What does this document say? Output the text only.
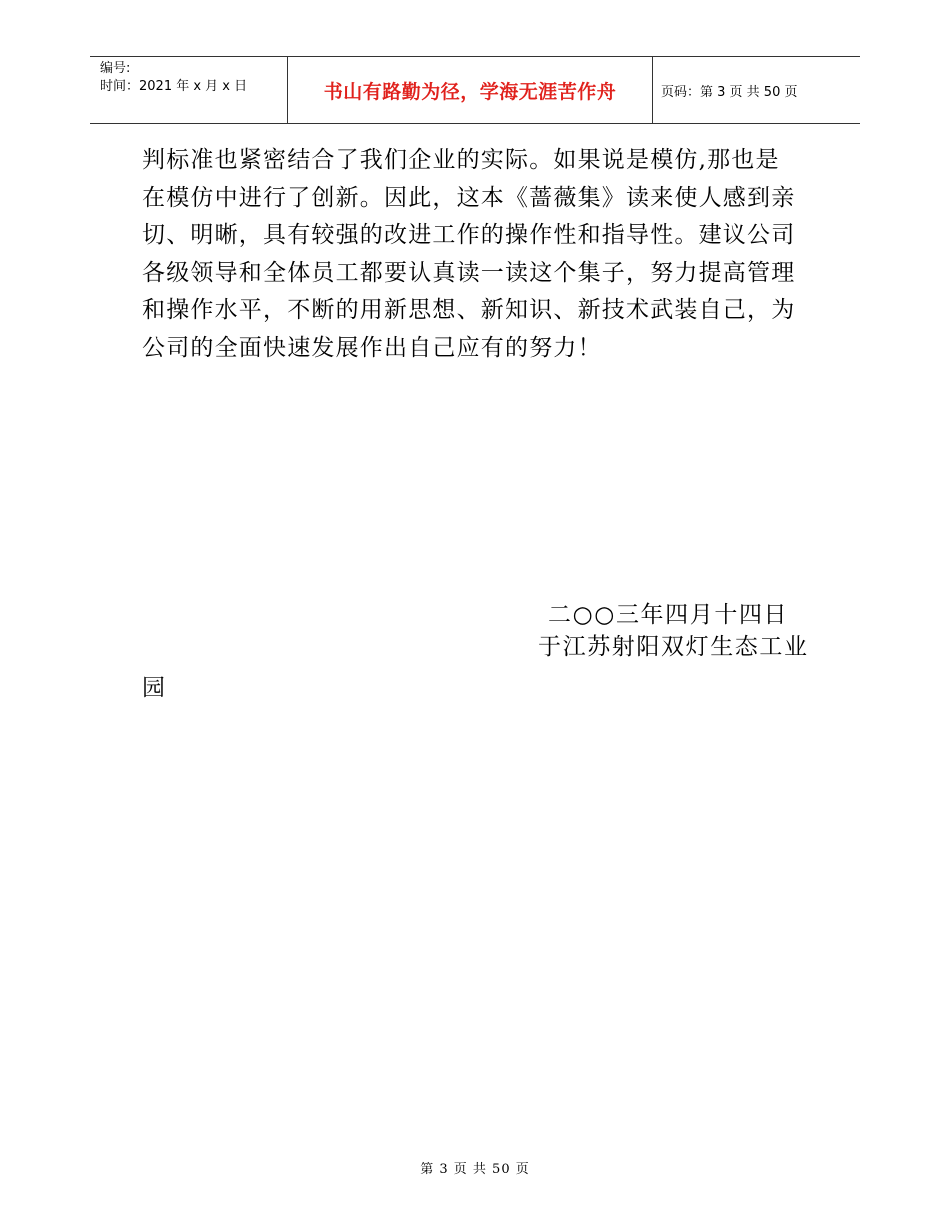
编号:
时间：2021 年 x 月 x 日	书山有路勤为径，学海无涯苦作舟	页码：第 3 页 共 50 页

判标准也紧密结合了我们企业的实际。如果说是模仿,那也是

在模仿中进行了创新。因此，这本《蔷薇集》读来使人感到亲

切、明晰，具有较强的改进工作的操作性和指导性。建议公司

各级领导和全体员工都要认真读一读这个集子，努力提高管理

和操作水平，不断的用新思想、新知识、新技术武装自己，为

公司的全面快速发展作出自己应有的努力！

二○○三年四月十四日
于江苏射阳双灯生态工业
园
第 3 页 共 50 页
